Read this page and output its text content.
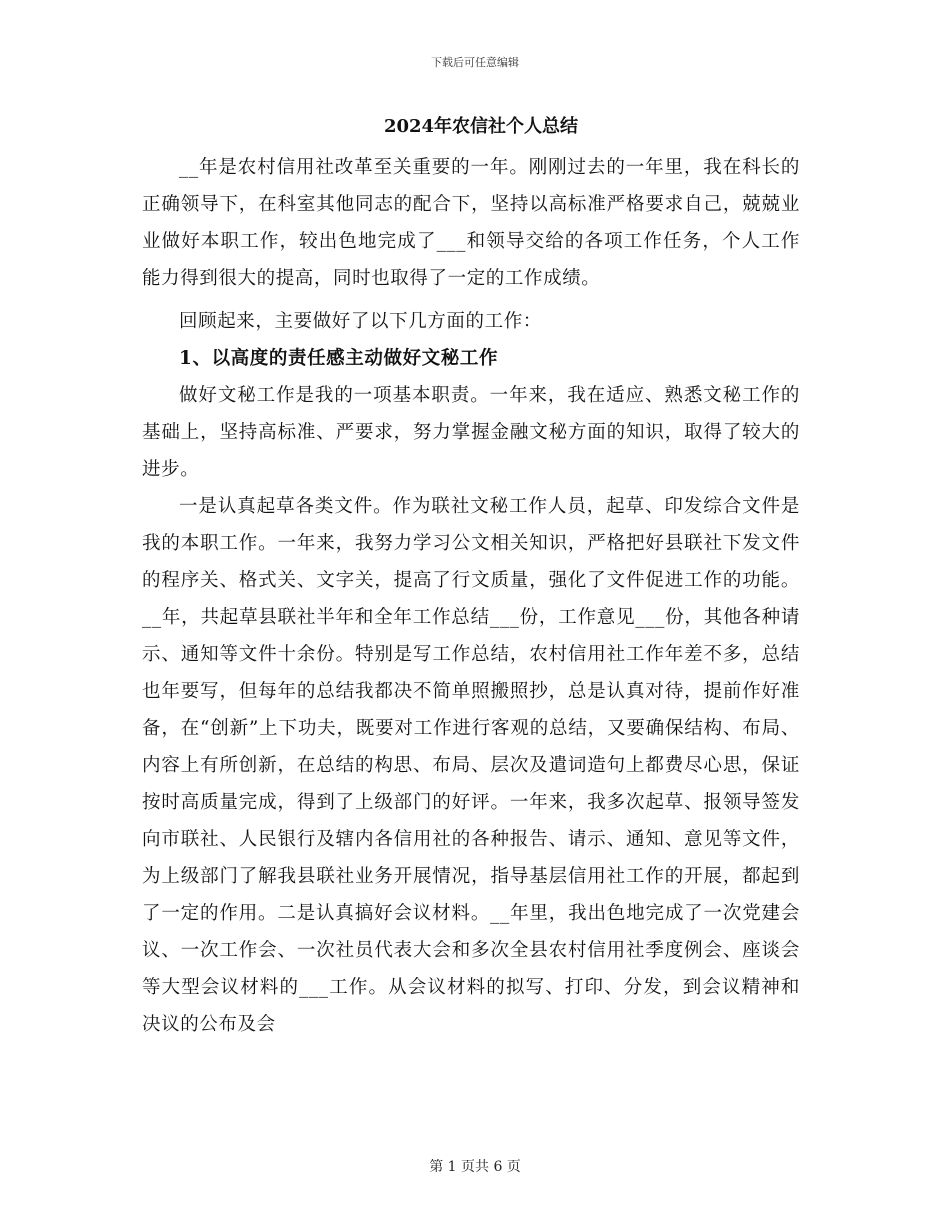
下载后可任意编辑
2024年农信社个人总结

__年是农村信用社改革至关重要的一年。刚刚过去的一年里，我在科长的正确领导下，在科室其他同志的配合下，坚持以高标准严格要求自己，兢兢业业做好本职工作，较出色地完成了___和领导交给的各项工作任务，个人工作能力得到很大的提高，同时也取得了一定的工作成绩。

回顾起来，主要做好了以下几方面的工作：

1、以高度的责任感主动做好文秘工作

做好文秘工作是我的一项基本职责。一年来，我在适应、熟悉文秘工作的基础上，坚持高标准、严要求，努力掌握金融文秘方面的知识，取得了较大的进步。

一是认真起草各类文件。作为联社文秘工作人员，起草、印发综合文件是我的本职工作。一年来，我努力学习公文相关知识，严格把好县联社下发文件的程序关、格式关、文字关，提高了行文质量，强化了文件促进工作的功能。__年，共起草县联社半年和全年工作总结___份，工作意见___份，其他各种请示、通知等文件十余份。特别是写工作总结，农村信用社工作年差不多，总结也年要写，但每年的总结我都决不简单照搬照抄，总是认真对待，提前作好准备，在“创新”上下功夫，既要对工作进行客观的总结，又要确保结构、布局、内容上有所创新，在总结的构思、布局、层次及遣词造句上都费尽心思，保证按时高质量完成，得到了上级部门的好评。一年来，我多次起草、报领导签发向市联社、人民银行及辖内各信用社的各种报告、请示、通知、意见等文件，为上级部门了解我县联社业务开展情况，指导基层信用社工作的开展，都起到了一定的作用。二是认真搞好会议材料。__年里，我出色地完成了一次党建会议、一次工作会、一次社员代表大会和多次全县农村信用社季度例会、座谈会等大型会议材料的___工作。从会议材料的拟写、打印、分发，到会议精神和决议的公布及会

第 1 页共 6 页
